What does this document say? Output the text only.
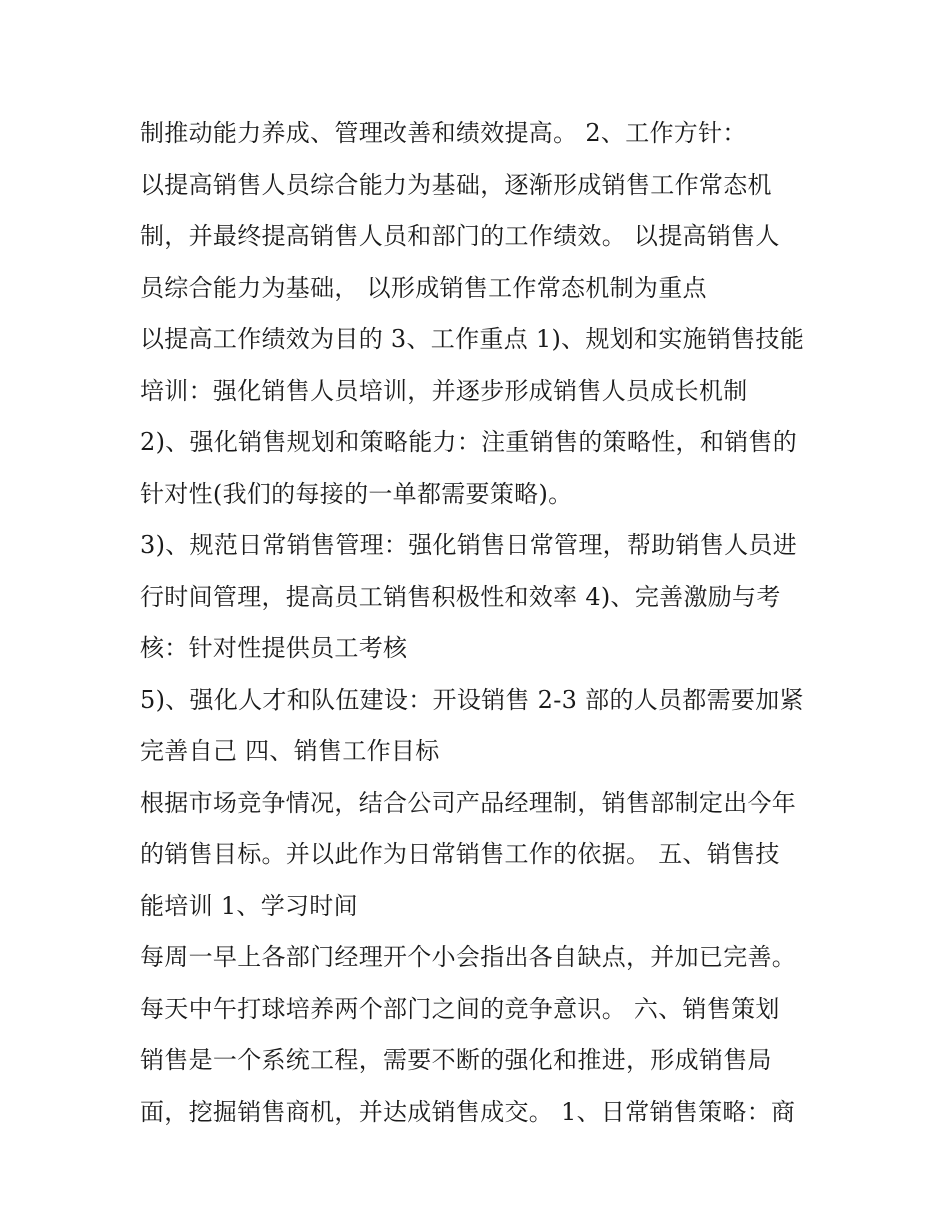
制推动能力养成、管理改善和绩效提高。 2、工作方针：
以提高销售人员综合能力为基础，逐渐形成销售工作常态机
制，并最终提高销售人员和部门的工作绩效。 以提高销售人
员综合能力为基础， 以形成销售工作常态机制为重点
以提高工作绩效为目的 3、工作重点 1)、规划和实施销售技能
培训：强化销售人员培训，并逐步形成销售人员成长机制
2)、强化销售规划和策略能力：注重销售的策略性，和销售的
针对性(我们的每接的一单都需要策略)。
3)、规范日常销售管理：强化销售日常管理，帮助销售人员进
行时间管理，提高员工销售积极性和效率 4)、完善激励与考
核：针对性提供员工考核
5)、强化人才和队伍建设：开设销售 2-3 部的人员都需要加紧
完善自己 四、销售工作目标
根据市场竞争情况，结合公司产品经理制，销售部制定出今年
的销售目标。并以此作为日常销售工作的依据。 五、销售技
能培训 1、学习时间
每周一早上各部门经理开个小会指出各自缺点，并加已完善。
每天中午打球培养两个部门之间的竞争意识。 六、销售策划
销售是一个系统工程，需要不断的强化和推进，形成销售局
面，挖掘销售商机，并达成销售成交。 1、日常销售策略：商
